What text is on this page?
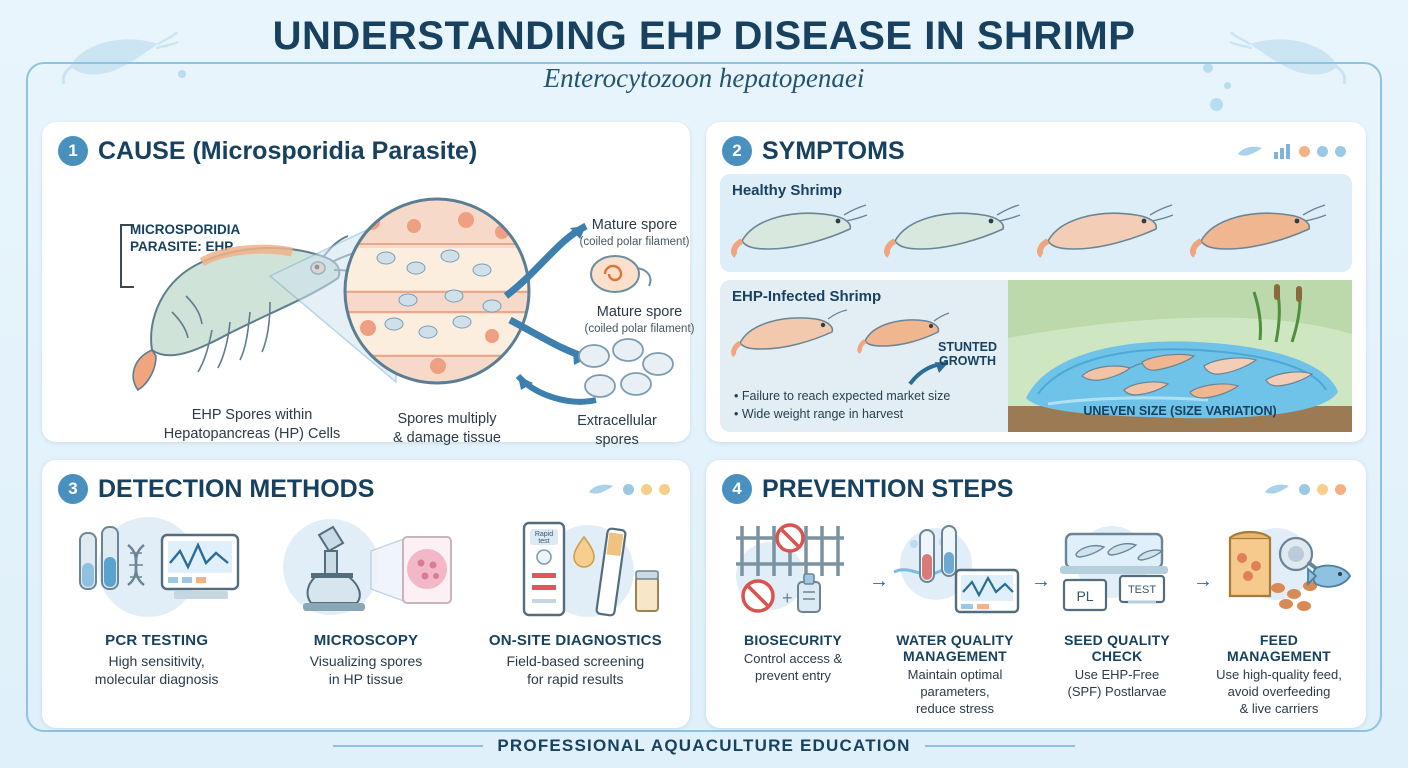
UNDERSTANDING EHP DISEASE IN SHRIMP
Enterocytozoon hepatopenaei
1 CAUSE (Microsporidia Parasite)
MICROSPORIDIA
PARASITE: EHP
Mature spore
(coiled polar filament)
Mature spore
(coiled polar filament)
EHP Spores within
Hepatopancreas (HP) Cells
Spores multiply
& damage tissue
Extracellular
spores
2 SYMPTOMS
Healthy Shrimp
EHP-Infected Shrimp
STUNTED
GROWTH
• Failure to reach expected market size
• Wide weight range in harvest	UNEVEN SIZE (SIZE VARIATION)
3 DETECTION METHODS
PCR TESTING
High sensitivity,
molecular diagnosis
MICROSCOPY
Visualizing spores
in HP tissue
Rapid
test
ON-SITE DIAGNOSTICS
Field-based screening
for rapid results
4 PREVENTION STEPS
+
BIOSECURITY
Control access &
prevent entry
WATER QUALITY
MANAGEMENT
Maintain optimal
parameters,
reduce stress
PL	TEST
SEED QUALITY
CHECK
Use EHP-Free
(SPF) Postlarvae
FEED
MANAGEMENT
Use high-quality feed,
avoid overfeeding
& live carriers
→	→	→
PROFESSIONAL AQUACULTURE EDUCATION
